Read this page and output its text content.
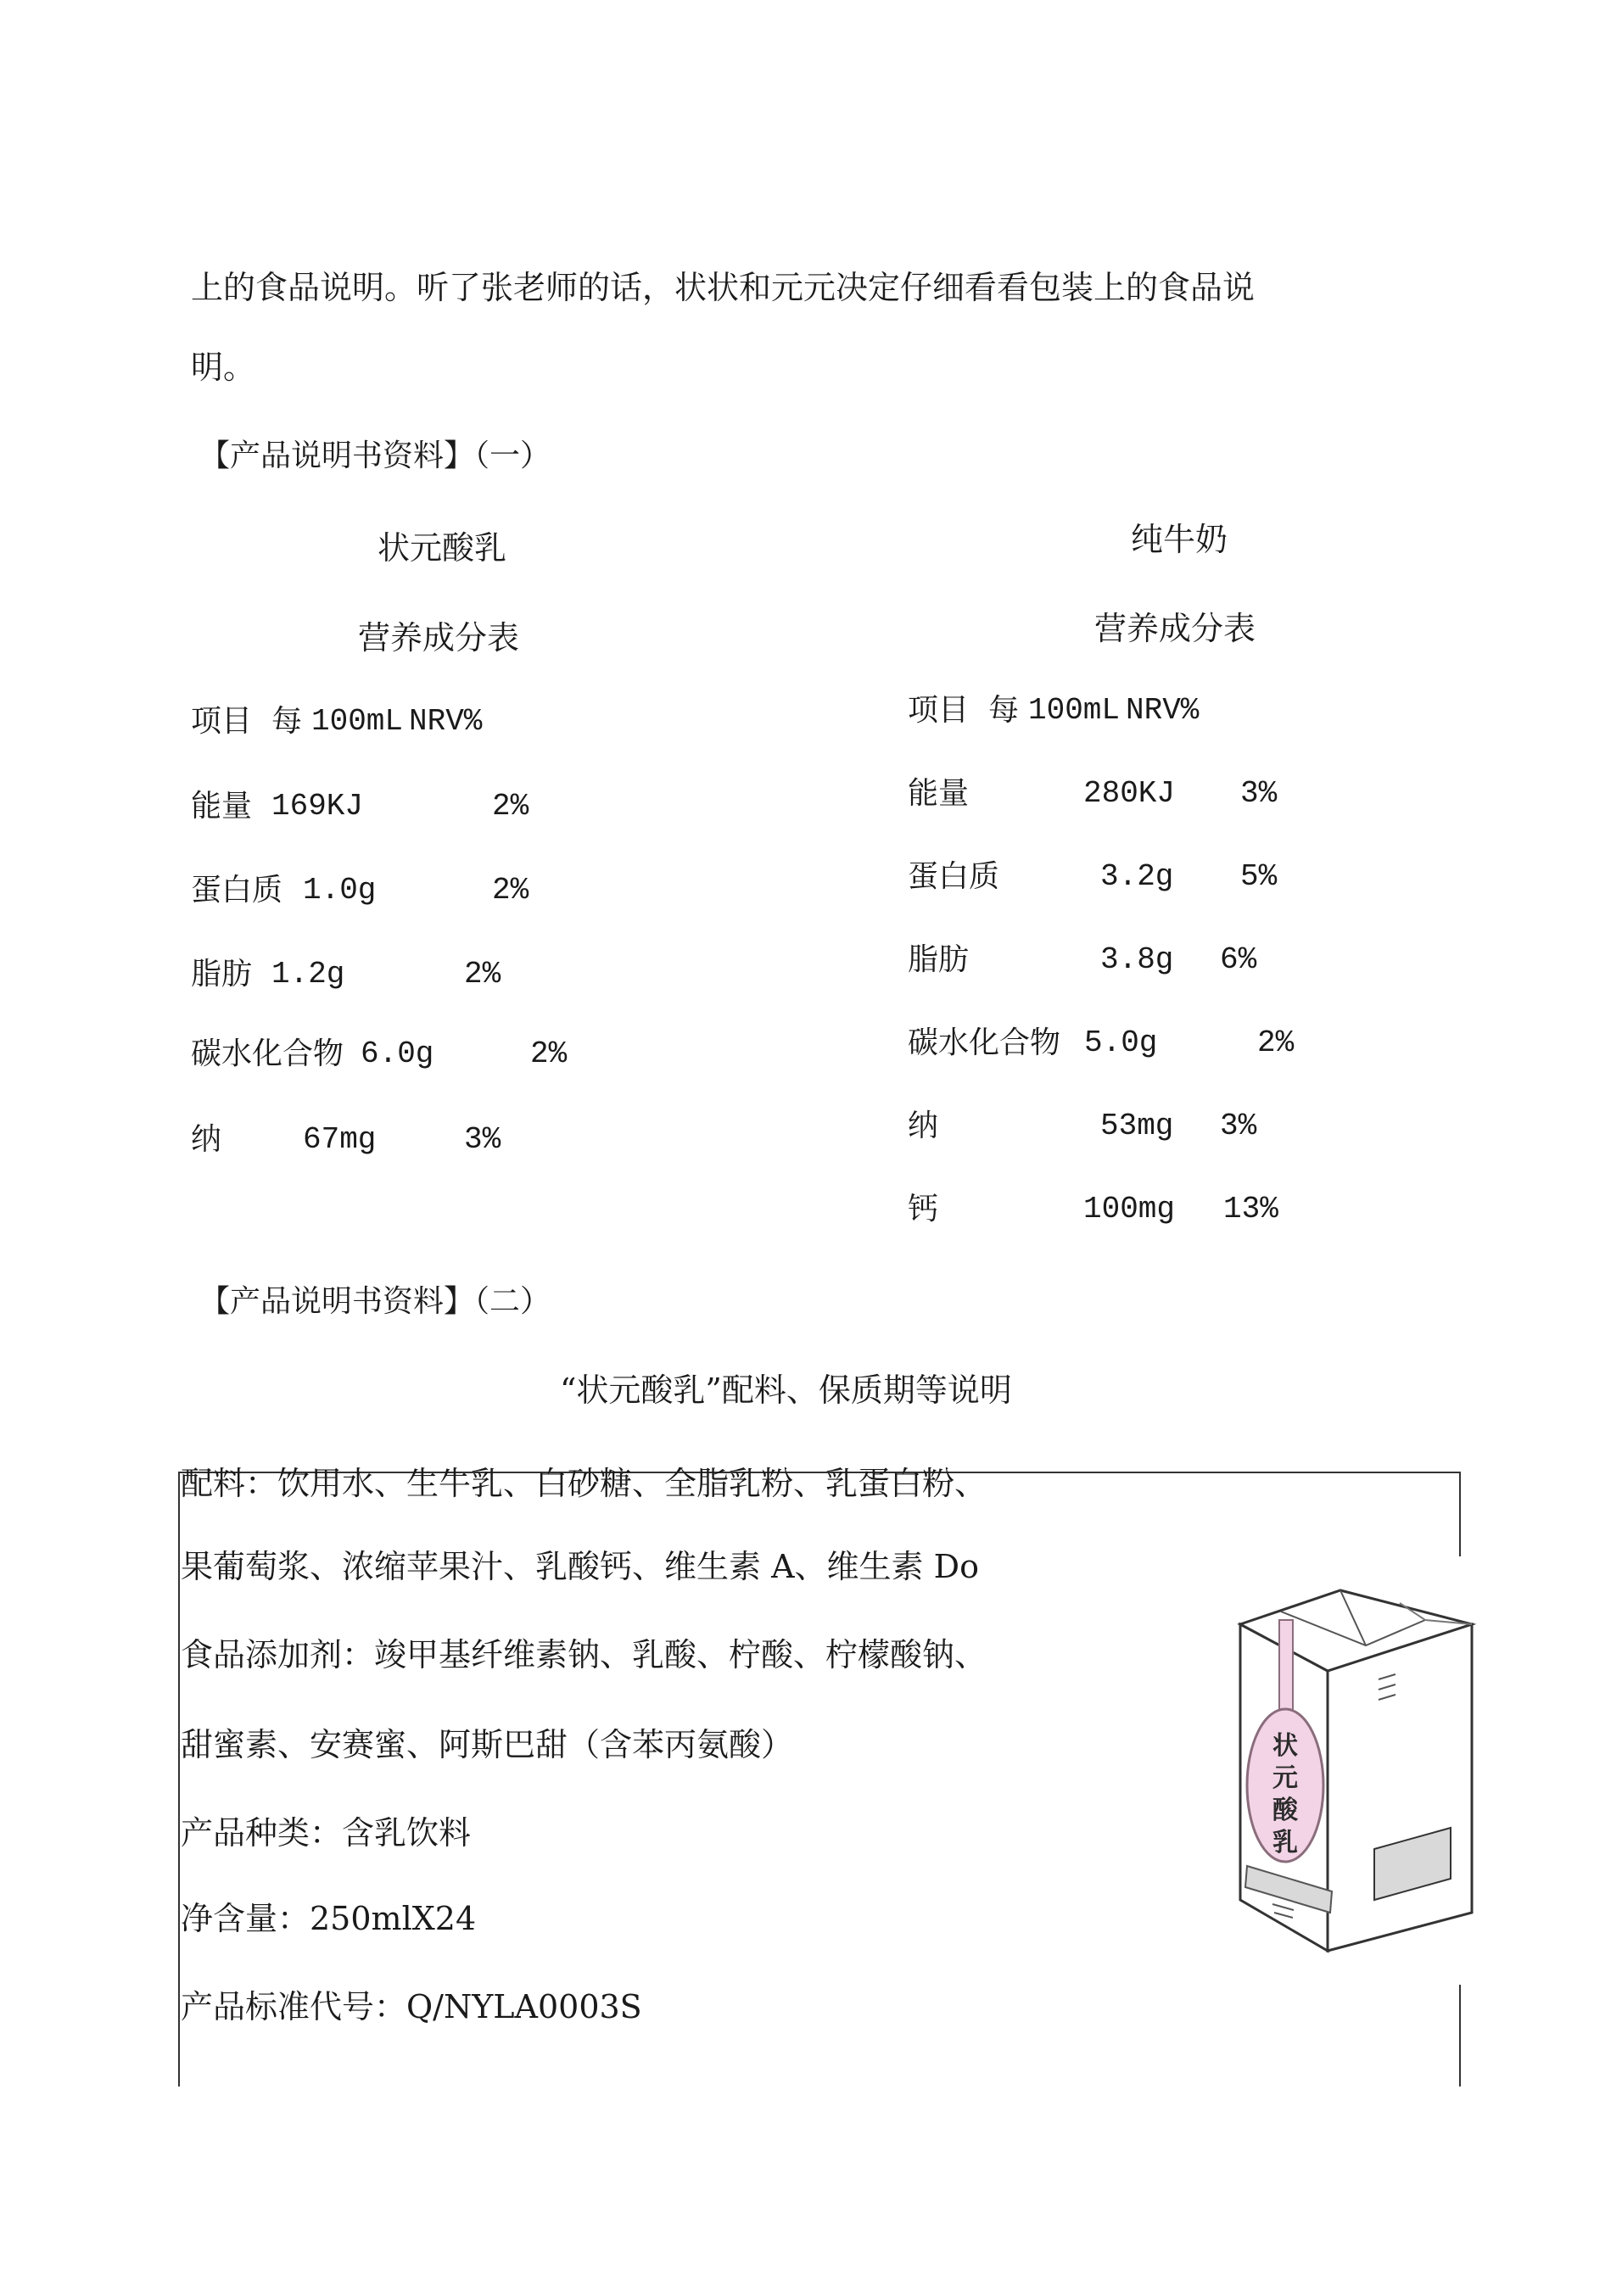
上的食品说明。听了张老师的话，状状和元元决定仔细看看包装上的食品说
明。
【产品说明书资料】（一）
状元酸乳
营养成分表
项目 每 100mL NRV%
能量 169KJ	2%
蛋白质 1.0g	2%
脂肪 1.2g	2%
碳水化合物 6.0g	2%
纳	67mg	3%
纯牛奶
营养成分表
项目 每 100mL NRV%
能量	280KJ 3%
蛋白质	3.2g 5%
脂肪	3.8g 6%
碳水化合物 5.0g	2%
纳	53mg 3%
钙	100mg 13%
【产品说明书资料】（二）
“状元酸乳”配料、保质期等说明
配料：饮用水、生牛乳、白砂糖、全脂乳粉、乳蛋白粉、
果葡萄浆、浓缩苹果汁、乳酸钙、维生素 A、维生素 Do
食品添加剂：竣甲基纤维素钠、乳酸、柠酸、柠檬酸钠、
甜蜜素、安赛蜜、阿斯巴甜（含苯丙氨酸）
产品种类：含乳饮料
净含量：250mlX24
产品标准代号：Q/NYLA0003S
状
元
酸
乳
